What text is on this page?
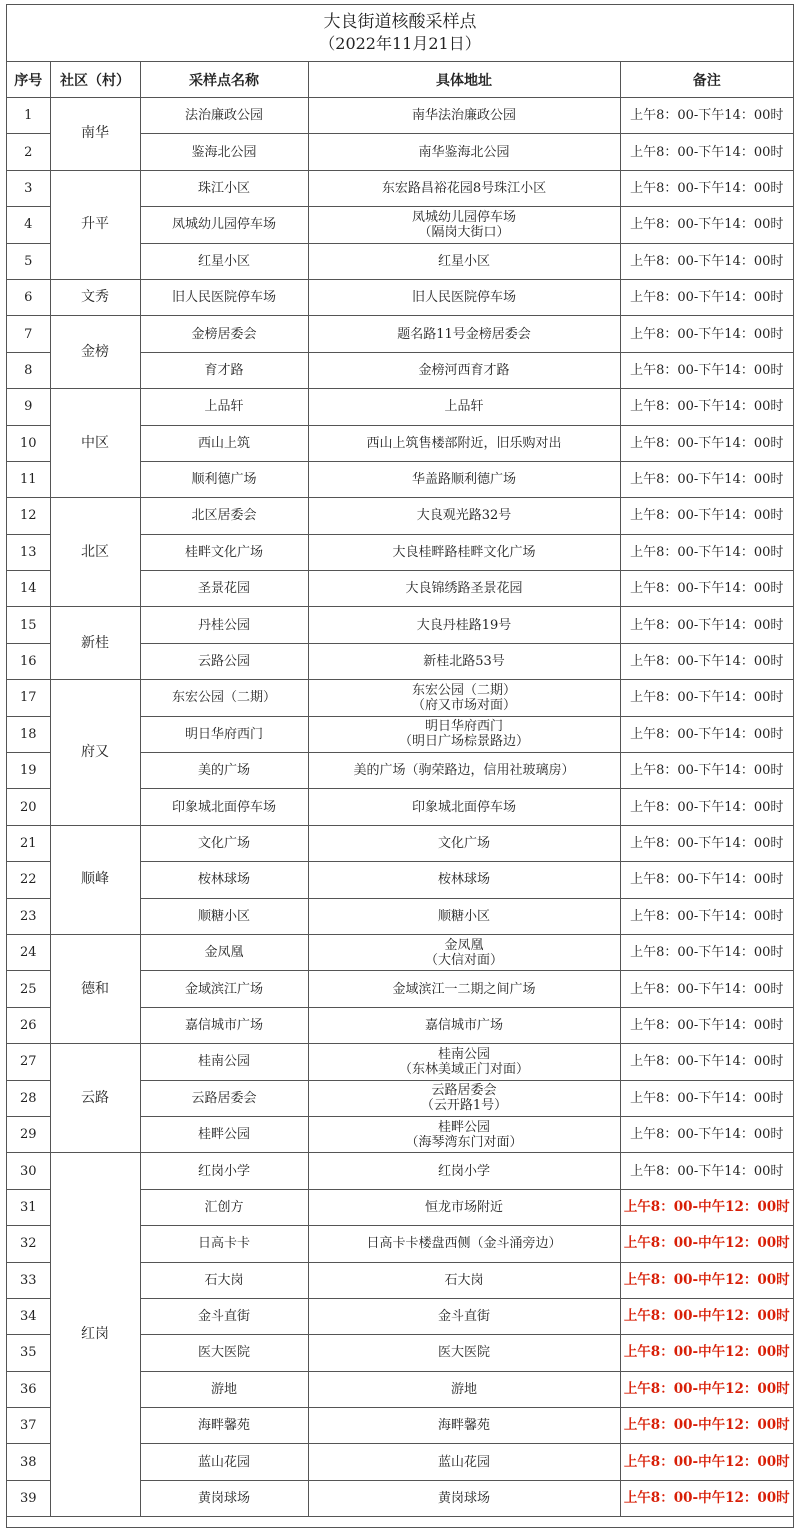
大良街道核酸采样点
（2022年11月21日）
序号	社区（村）	采样点名称	具体地址	备注
1	南华	法治廉政公园	南华法治廉政公园	上午8：00-下午14：00时
2		鉴海北公园	南华鉴海北公园	上午8：00-下午14：00时
3	升平	珠江小区	东宏路昌裕花园8号珠江小区	上午8：00-下午14：00时
4		凤城幼儿园停车场	凤城幼儿园停车场
（隔岗大街口）	上午8：00-下午14：00时
5		红星小区	红星小区	上午8：00-下午14：00时
6	文秀	旧人民医院停车场	旧人民医院停车场	上午8：00-下午14：00时
7	金榜	金榜居委会	题名路11号金榜居委会	上午8：00-下午14：00时
8		育才路	金榜河西育才路	上午8：00-下午14：00时
9	中区	上品轩	上品轩	上午8：00-下午14：00时
10		西山上筑	西山上筑售楼部附近，旧乐购对出	上午8：00-下午14：00时
11		顺利德广场	华盖路顺利德广场	上午8：00-下午14：00时
12	北区	北区居委会	大良观光路32号	上午8：00-下午14：00时
13		桂畔文化广场	大良桂畔路桂畔文化广场	上午8：00-下午14：00时
14		圣景花园	大良锦绣路圣景花园	上午8：00-下午14：00时
15	新桂	丹桂公园	大良丹桂路19号	上午8：00-下午14：00时
16		云路公园	新桂北路53号	上午8：00-下午14：00时
17	府又	东宏公园（二期）	东宏公园（二期）
（府又市场对面）	上午8：00-下午14：00时
18		明日华府西门	明日华府西门
（明日广场棕景路边）	上午8：00-下午14：00时
19		美的广场	美的广场（驹荣路边，信用社玻璃房）	上午8：00-下午14：00时
20		印象城北面停车场	印象城北面停车场	上午8：00-下午14：00时
21	顺峰	文化广场	文化广场	上午8：00-下午14：00时
22		桉林球场	桉林球场	上午8：00-下午14：00时
23		顺糖小区	顺糖小区	上午8：00-下午14：00时
24	德和	金凤凰	金凤凰
（大信对面）	上午8：00-下午14：00时
25		金域滨江广场	金域滨江一二期之间广场	上午8：00-下午14：00时
26		嘉信城市广场	嘉信城市广场	上午8：00-下午14：00时
27	云路	桂南公园	桂南公园
（东林美域正门对面）	上午8：00-下午14：00时
28		云路居委会	云路居委会
（云开路1号）	上午8：00-下午14：00时
29		桂畔公园	桂畔公园
（海琴湾东门对面）	上午8：00-下午14：00时
30	红岗	红岗小学	红岗小学	上午8：00-下午14：00时
31		汇创方	恒龙市场附近	上午8：00-中午12：00时
32		日高卡卡	日高卡卡楼盘西侧（金斗涌旁边）	上午8：00-中午12：00时
33		石大岗	石大岗	上午8：00-中午12：00时
34		金斗直街	金斗直街	上午8：00-中午12：00时
35		医大医院	医大医院	上午8：00-中午12：00时
36		游地	游地	上午8：00-中午12：00时
37		海畔馨苑	海畔馨苑	上午8：00-中午12：00时
38		蓝山花园	蓝山花园	上午8：00-中午12：00时
39		黄岗球场	黄岗球场	上午8：00-中午12：00时
